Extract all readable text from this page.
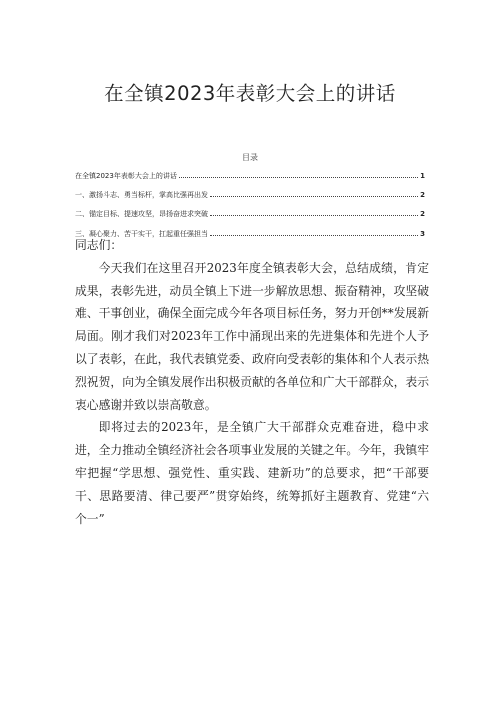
在全镇2023年表彰大会上的讲话
目录
在全镇2023年表彰大会上的讲话	1
一、激扬斗志、勇当标杆，掌高比强再出发	2
二、锚定目标、提速攻坚，昂扬奋进求突破	2
三、凝心聚力、苦干实干，扛起重任强担当	3

同志们：

今天我们在这里召开2023年度全镇表彰大会，总结成绩，肯定成果，表彰先进，动员全镇上下进一步解放思想、振奋精神，攻坚破难、干事创业，确保全面完成今年各项目标任务，努力开创**发展新局面。刚才我们对2023年工作中涌现出来的先进集体和先进个人予以了表彰，在此，我代表镇党委、政府向受表彰的集体和个人表示热烈祝贺，向为全镇发展作出积极贡献的各单位和广大干部群众，表示衷心感谢并致以崇高敬意。

即将过去的2023年，是全镇广大干部群众克难奋进，稳中求进，全力推动全镇经济社会各项事业发展的关键之年。今年，我镇牢牢把握“学思想、强党性、重实践、建新功”的总要求，把“干部要干、思路要清、律己要严”贯穿始终，统筹抓好主题教育、党建“六个一”
